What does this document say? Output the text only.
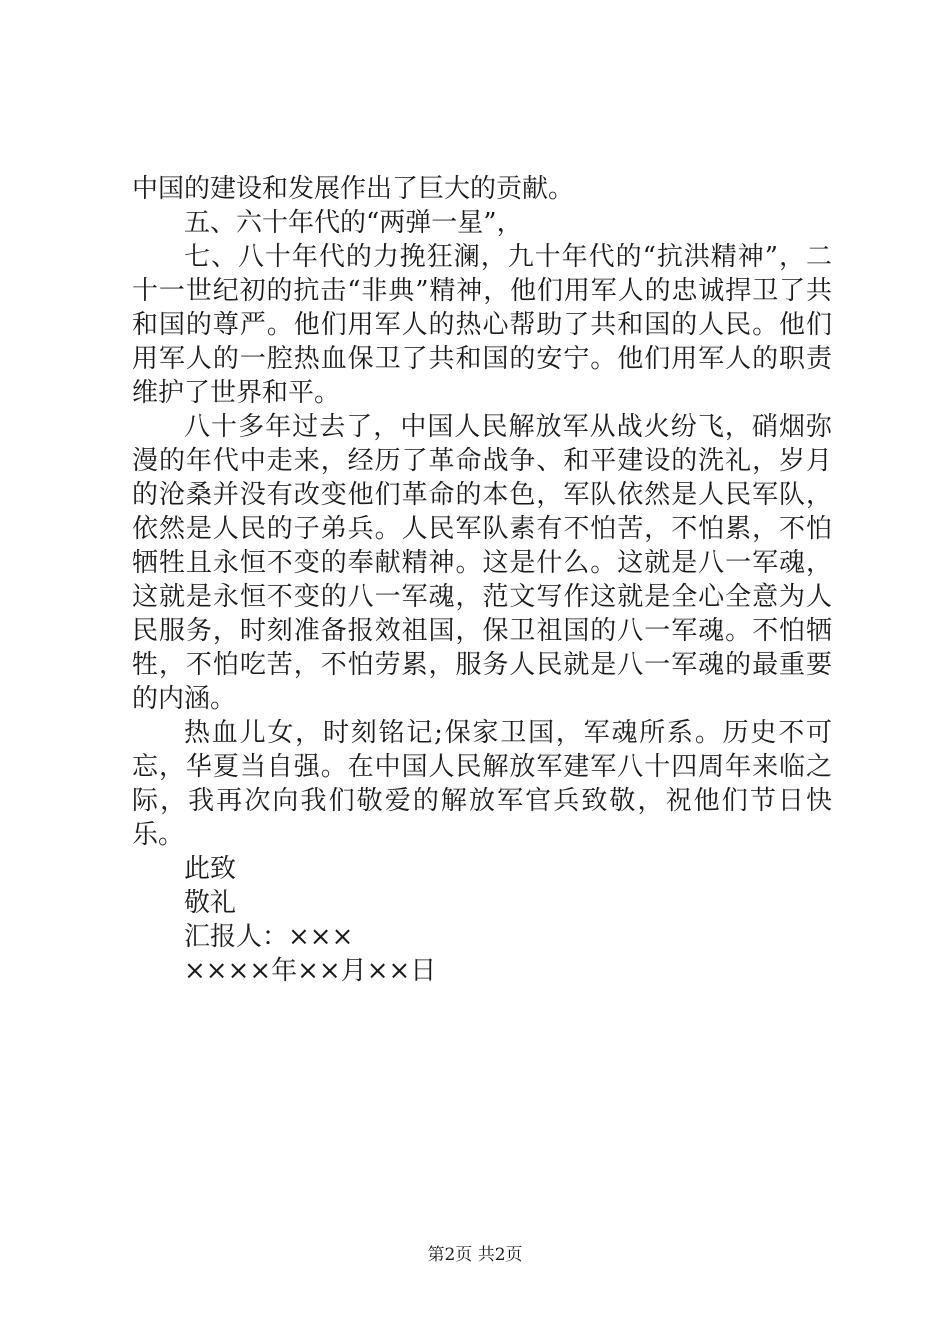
中国的建设和发展作出了巨大的贡献。

五、六十年代的“两弹一星”，

七、八十年代的力挽狂澜，九十年代的“抗洪精神”，二十一世纪初的抗击“非典”精神，他们用军人的忠诚捍卫了共和国的尊严。他们用军人的热心帮助了共和国的人民。他们用军人的一腔热血保卫了共和国的安宁。他们用军人的职责维护了世界和平。

八十多年过去了，中国人民解放军从战火纷飞，硝烟弥漫的年代中走来，经历了革命战争、和平建设的洗礼，岁月的沧桑并没有改变他们革命的本色，军队依然是人民军队，依然是人民的子弟兵。人民军队素有不怕苦，不怕累，不怕牺牲且永恒不变的奉献精神。这是什么。这就是八一军魂，这就是永恒不变的八一军魂，范文写作这就是全心全意为人民服务，时刻准备报效祖国，保卫祖国的八一军魂。不怕牺牲，不怕吃苦，不怕劳累，服务人民就是八一军魂的最重要的内涵。

热血儿女，时刻铭记;保家卫国，军魂所系。历史不可忘，华夏当自强。在中国人民解放军建军八十四周年来临之际，我再次向我们敬爱的解放军官兵致敬，祝他们节日快乐。

此致

敬礼

汇报人：×××

××××年××月××日

第2页 共2页
